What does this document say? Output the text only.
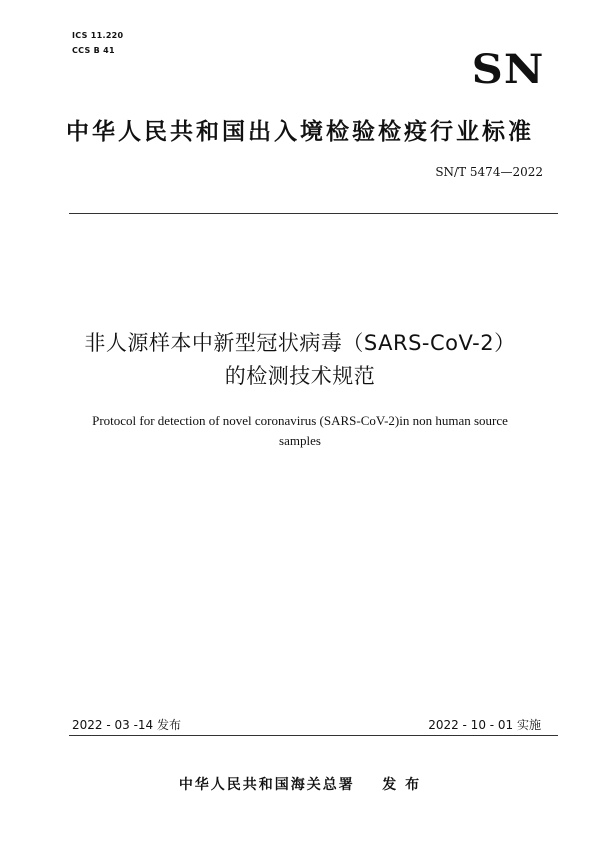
ICS 11.220
CCS B 41	SN
中华人民共和国出入境检验检疫行业标准
SN/T 5474—2022
非人源样本中新型冠状病毒（SARS-CoV-2）
的检测技术规范
Protocol for detection of novel coronavirus (SARS-CoV-2)in non human source
samples
2022 - 03 -14 发布	2022 - 10 - 01 实施
中华人民共和国海关总署    发 布
